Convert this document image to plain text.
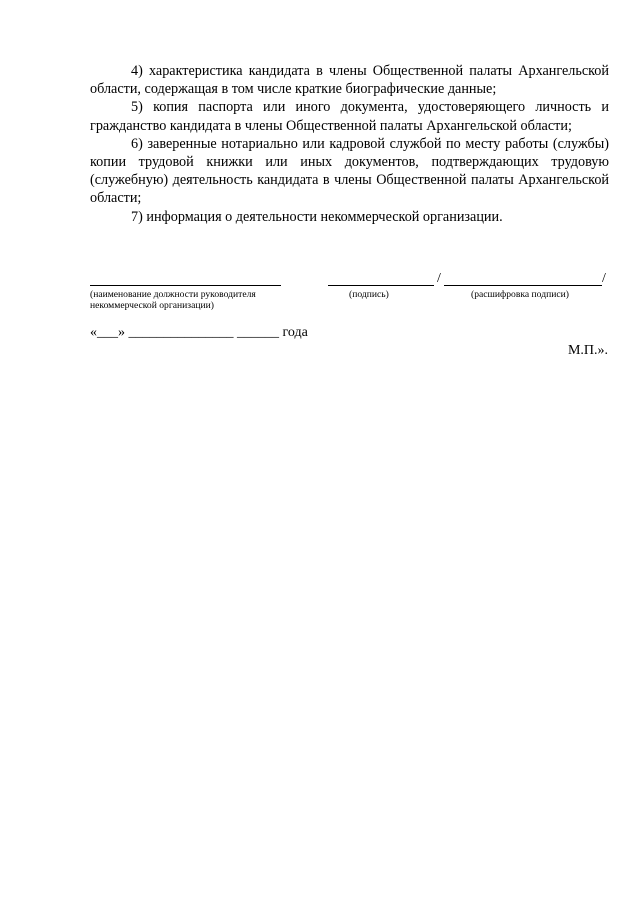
4) характеристика кандидата в члены Общественной палаты Архангельской области, содержащая в том числе краткие биографические данные;

5) копия паспорта или иного документа, удостоверяющего личность и гражданство кандидата в члены Общественной палаты Архангельской области;

6) заверенные нотариально или кадровой службой по месту работы (службы) копии трудовой книжки или иных документов, подтверждающих трудовую (служебную) деятельность кандидата в члены Общественной палаты Архангельской области;

7) информация о деятельности некоммерческой организации.

(наименование должности руководителя некоммерческой организации)
/	/
(подпись)	(расшифровка подписи)
«___» _______________ ______ года
М.П.».
